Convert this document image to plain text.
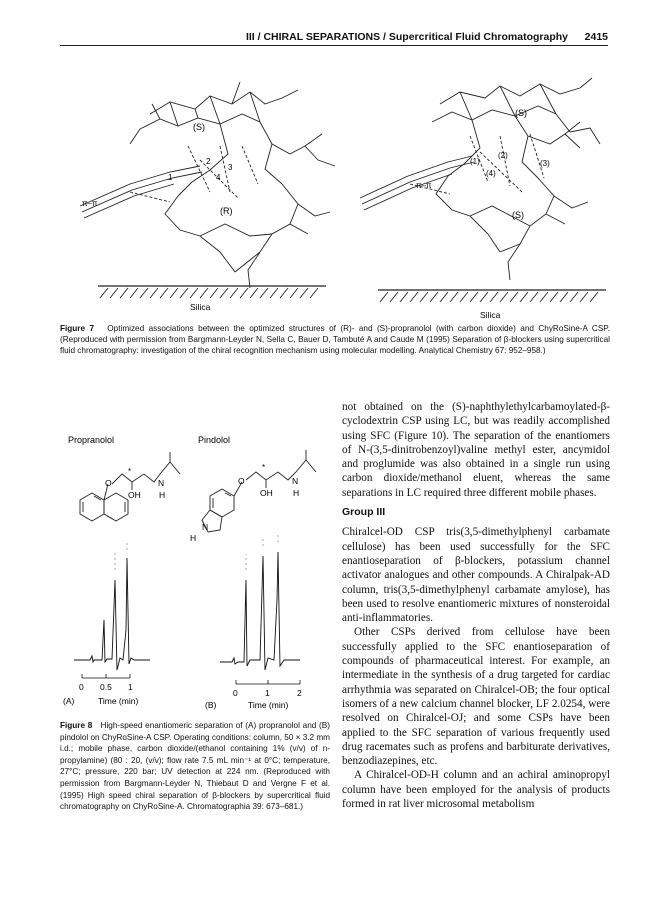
III / CHIRAL SEPARATIONS / Supercritical Fluid Chromatography 2415
(S)
(R)
π–π
1
2
3
4
Silica
(S)
(S)
π–π
(1)
(2)
(3)
(4)
Silica
Figure 7 Optimized associations between the optimized structures of (R)- and (S)-propranolol (with carbon dioxide) and ChyRoSine-A CSP. (Reproduced with permission from Bargmann-Leyder N, Sella C, Bauer D, Tambuté A and Caude M (1995) Separation of β-blockers using supercritical fluid chromatography: investigation of the chiral recognition mechanism using molecular modelling. Analytical Chemistry 67: 952–958.)
Propranolol	Pindolol
O
OH
*
N
H
O
OH
*
N
H
N
H
0 0.5 1
(A)	Time (min)
0	1	2
(B)	Time (min)
Figure 8 High-speed enantiomeric separation of (A) propranolol and (B) pindolol on ChyRoSine-A CSP. Operating conditions: column, 50 × 3.2 mm i.d.; mobile phase, carbon dioxide/(ethanol containing 1% (v/v) of n-propylamine) (80 : 20, (v/v); flow rate 7.5 mL min⁻¹ at 0°C; temperature, 27°C; pressure, 220 bar; UV detection at 224 nm. (Reproduced with permission from Bargmann-Leyder N, Thiebaut D and Vergne F et al. (1995) High speed chiral separation of β-blockers by supercritical fluid chromatography on ChyRoSine-A. Chromatographia 39: 673–681.)

not obtained on the (S)-naphthylethylcarbamoylated-β-cyclodextrin CSP using LC, but was readily accomplished using SFC (Figure 10). The separation of the enantiomers of N-(3,5-dinitrobenzoyl)valine methyl ester, ancymidol and proglumide was also obtained in a single run using carbon dioxide/methanol eluent, whereas the same separations in LC required three different mobile phases.

Group III

Chiralcel-OD CSP tris(3,5-dimethylphenyl carbamate cellulose) has been used successfully for the SFC enantioseparation of β-blockers, potassium channel activator analogues and other compounds. A Chiralpak-AD column, tris(3,5-dimethylphenyl carbamate amylose), has been used to resolve enantiomeric mixtures of nonsteroidal anti-inflammatories.

Other CSPs derived from cellulose have been successfully applied to the SFC enantioseparation of compounds of pharmaceutical interest. For example, an intermediate in the synthesis of a drug targeted for cardiac arrhythmia was separated on Chiralcel-OB; the four optical isomers of a new calcium channel blocker, LF 2.0254, were resolved on Chiralcel-OJ; and some CSPs have been applied to the SFC separation of various frequently used drug racemates such as profens and barbiturate derivatives, benzodiazepines, etc.

A Chiralcel-OD-H column and an achiral aminopropyl column have been employed for the analysis of products formed in rat liver microsomal metabolism
